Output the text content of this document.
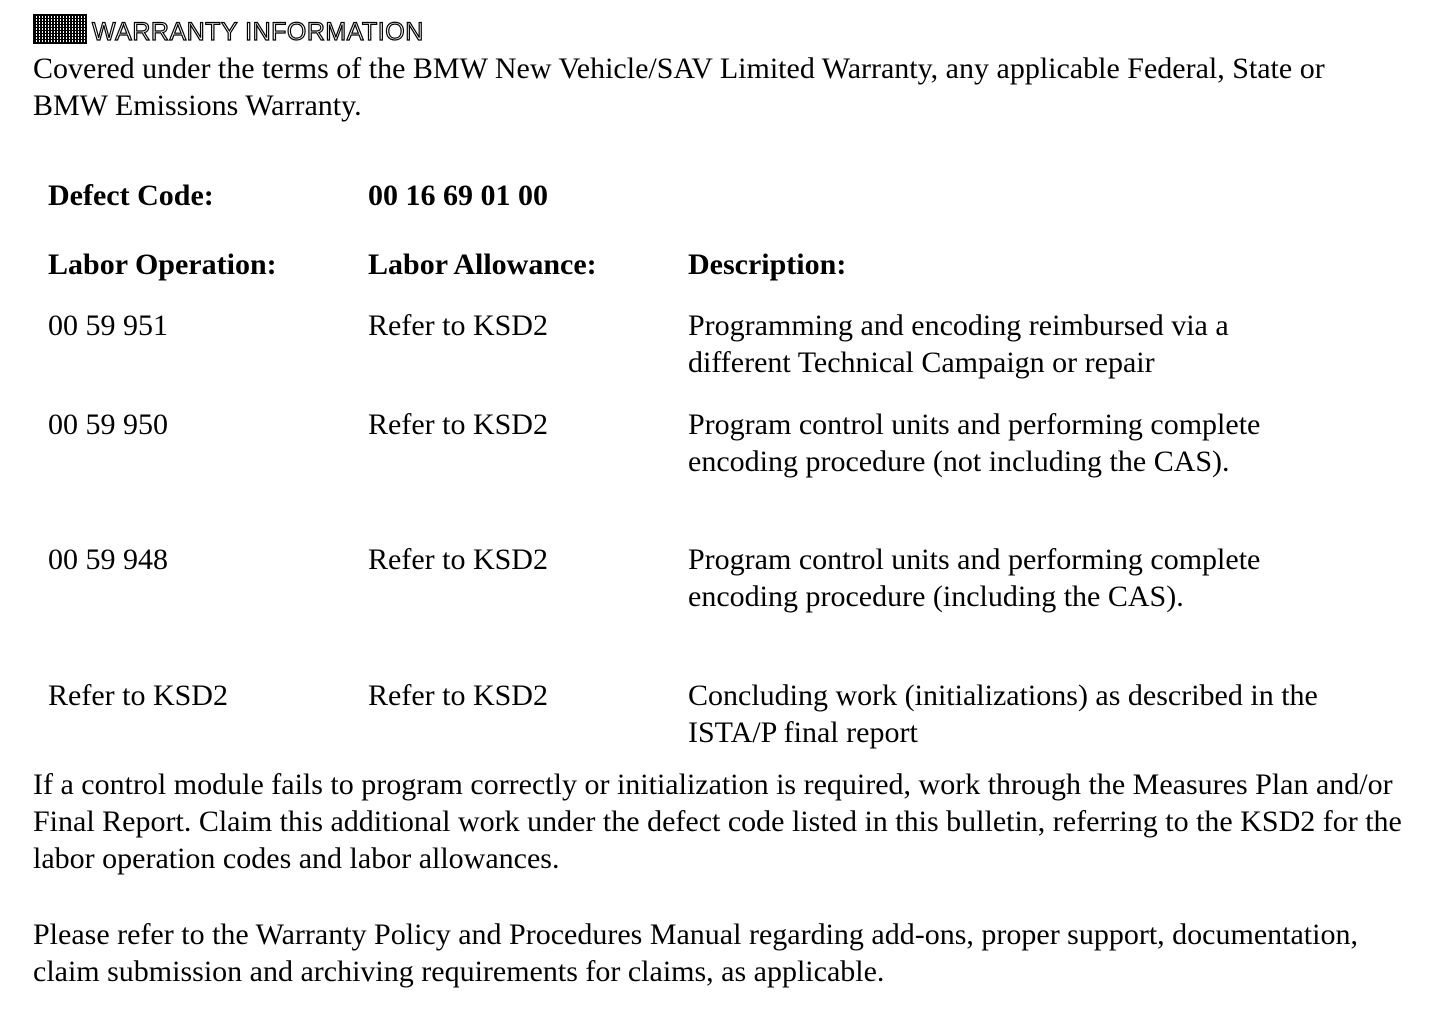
WARRANTY INFORMATION

Covered under the terms of the BMW New Vehicle/SAV Limited Warranty, any applicable Federal, State or BMW Emissions Warranty.

Defect Code:	00 16 69 01 00
Labor Operation:	Labor Allowance:	Description:
00 59 951	Refer to KSD2	Programming and encoding reimbursed via a different Technical Campaign or repair
00 59 950	Refer to KSD2	Program control units and performing complete encoding procedure (not including the CAS).
00 59 948	Refer to KSD2	Program control units and performing complete encoding procedure (including the CAS).
Refer to KSD2	Refer to KSD2	Concluding work (initializations) as described in the ISTA/P final report

If a control module fails to program correctly or initialization is required, work through the Measures Plan and/or Final Report. Claim this additional work under the defect code listed in this bulletin, referring to the KSD2 for the labor operation codes and labor allowances.

Please refer to the Warranty Policy and Procedures Manual regarding add-ons, proper support, documentation, claim submission and archiving requirements for claims, as applicable.
